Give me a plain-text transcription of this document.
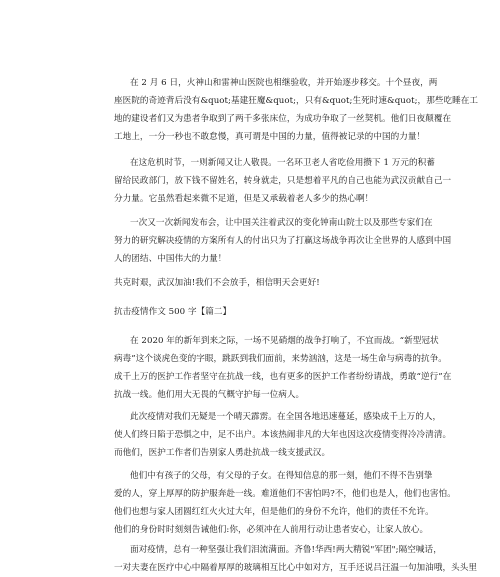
在 2 月 6 日，火神山和雷神山医院也相继验收，并开始逐步移交。十个昼夜，两
座医院的奇迹背后没有&quot;基建狂魔&quot;，只有&quot;生死时速&quot;，那些吃睡在工
地的建设者们又为患者争取到了两千多张床位，为成功争取了一丝契机。他们日夜颠覆在
工地上，一分一秒也不敢怠慢，真可谓是中国的力量，值得被记录的中国的力量！

在这危机时节，一则新闻又让人敬畏。一名环卫老人省吃俭用攒下 1 万元的积蓄
留给民政部门，放下钱不留姓名，转身就走，只是想着平凡的自己也能为武汉贡献自己一
分力量。它虽然看起来微不足道，但是又承载着老人多少的热心啊！

一次又一次新闻发布会，让中国关注着武汉的变化钟南山院士以及那些专家们在
努力的研究解决疫情的方案所有人的付出只为了打赢这场战争再次让全世界的人感到中国
人的团结、中国伟大的力量！

共克时艰，武汉加油!我们不会放手，相信明天会更好!

抗击疫情作文 500 字【篇二】

在 2020 年的新年到来之际，一场不见硝烟的战争打响了，不宜而战。“新型冠状
病毒”这个谈虎色变的字眼，跳跃到我们面前，来势汹汹，这是一场生命与病毒的抗争。
成千上万的医护工作者坚守在抗战一线，也有更多的医护工作者纷纷请战，勇敢“逆行”在
抗战一线。他们用大无畏的气概守护每一位病人。

此次疫情对我们无疑是一个晴天霹雳。在全国各地迅速蔓延，感染成千上万的人，
使人们终日陷于恐惧之中，足不出户。本该热闹非凡的大年也因这次疫情变得冷冷清清。
而他们，医护工作者们告别家人勇赴抗战一线支援武汉。

他们中有孩子的父母，有父母的子女。在得知信息的那一刻，他们不得不告别挚
爱的人，穿上厚厚的防护服奔赴一线。难道他们不害怕吗?不，他们也是人，他们也害怕。
他们也想与家人团圆红红火火过大年，但是他们的身份不允许，他们的责任不允许。
他们的身份时时刻刻告诫他们:你，必须冲在人前用行动让患者安心，让家人放心。

面对疫情，总有一种坚强让我们泪流满面。齐鲁!华西!两大精锐"军团";隔空喊话，
一对夫妻在医疗中心中隔着厚厚的玻璃相互比心中如对方，互手还说吕汪温一句加油哦，头头里
